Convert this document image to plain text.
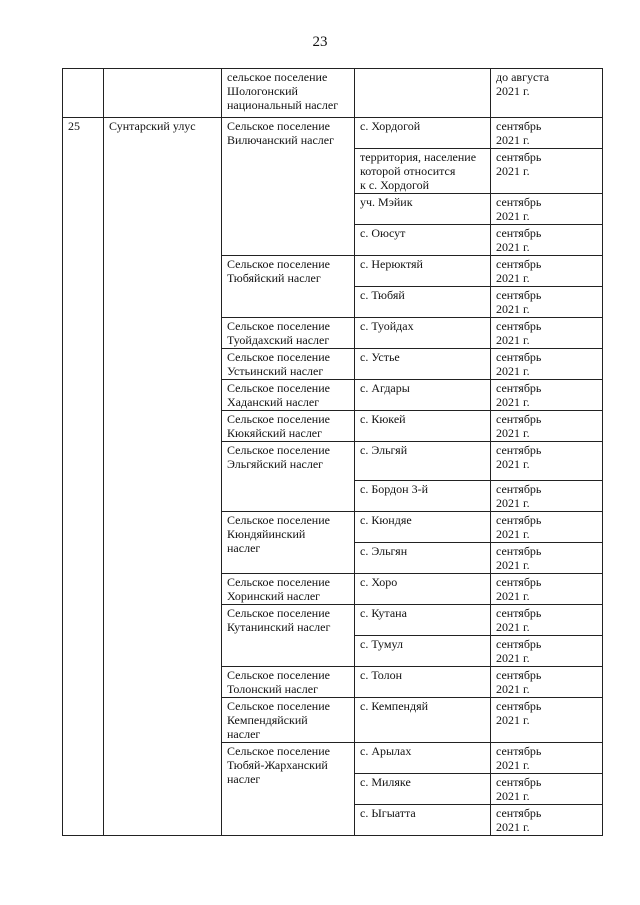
23

		сельское поселение
Шологонский
национальный наслег		до августа
2021 г.

25	Сунтарский улус	Сельское поселение
Вилючанский наслег	с. Хордогой	сентябрь
2021 г.

			территория, население
которой относится
к с. Хордогой	сентябрь
2021 г.

			уч. Мэйик	сентябрь
2021 г.

			с. Оюсут	сентябрь
2021 г.

		Сельское поселение
Тюбяйский наслег	с. Нерюктяй	сентябрь
2021 г.

			с. Тюбяй	сентябрь
2021 г.

		Сельское поселение
Туойдахский наслег	с. Туойдах	сентябрь
2021 г.

		Сельское поселение
Устьинский наслег	с. Устье	сентябрь
2021 г.

		Сельское поселение
Хаданский наслег	с. Агдары	сентябрь
2021 г.

		Сельское поселение
Кюкяйский наслег	с. Кюкей	сентябрь
2021 г.

		Сельское поселение
Эльгяйский наслег	с. Эльгяй	сентябрь
2021 г.

			с. Бордон 3-й	сентябрь
2021 г.

		Сельское поселение
Кюндяйинский
наслег	с. Кюндяе	сентябрь
2021 г.

			с. Эльгян	сентябрь
2021 г.

		Сельское поселение
Хоринский наслег	с. Хоро	сентябрь
2021 г.

		Сельское поселение
Кутанинский наслег	с. Кутана	сентябрь
2021 г.

			с. Тумул	сентябрь
2021 г.

		Сельское поселение
Толонский наслег	с. Толон	сентябрь
2021 г.

		Сельское поселение
Кемпендяйский
наслег	с. Кемпендяй	сентябрь
2021 г.

		Сельское поселение
Тюбяй-Жарханский
наслег	с. Арылах	сентябрь
2021 г.

			с. Миляке	сентябрь
2021 г.

			с. Ыгыатта	сентябрь
2021 г.
